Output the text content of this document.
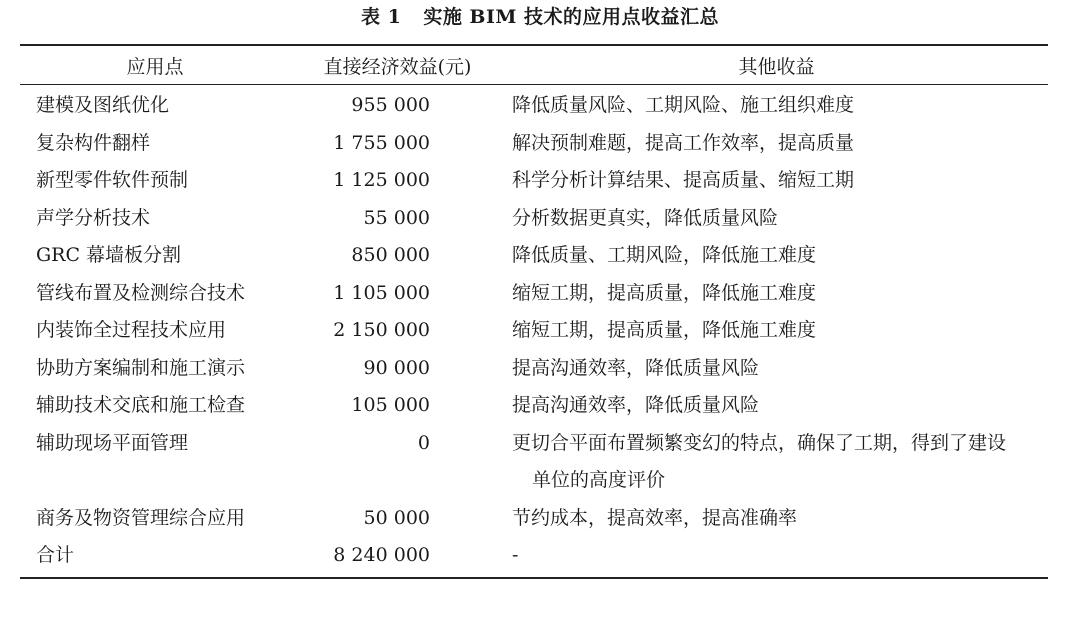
表 1 实施 BIM 技术的应用点收益汇总
应用点	直接经济效益(元)	其他收益
建模及图纸优化	955 000	降低质量风险、工期风险、施工组织难度
复杂构件翻样	1 755 000	解决预制难题，提高工作效率，提高质量
新型零件软件预制	1 125 000	科学分析计算结果、提高质量、缩短工期
声学分析技术	55 000	分析数据更真实，降低质量风险
GRC 幕墙板分割	850 000	降低质量、工期风险，降低施工难度
管线布置及检测综合技术	1 105 000	缩短工期，提高质量，降低施工难度
内装饰全过程技术应用	2 150 000	缩短工期，提高质量，降低施工难度
协助方案编制和施工演示	90 000	提高沟通效率，降低质量风险
辅助技术交底和施工检查	105 000	提高沟通效率，降低质量风险
辅助现场平面管理	0	更切合平面布置频繁变幻的特点，确保了工期，得到了建设
单位的高度评价
商务及物资管理综合应用	50 000	节约成本，提高效率，提高准确率
合计	8 240 000	-
